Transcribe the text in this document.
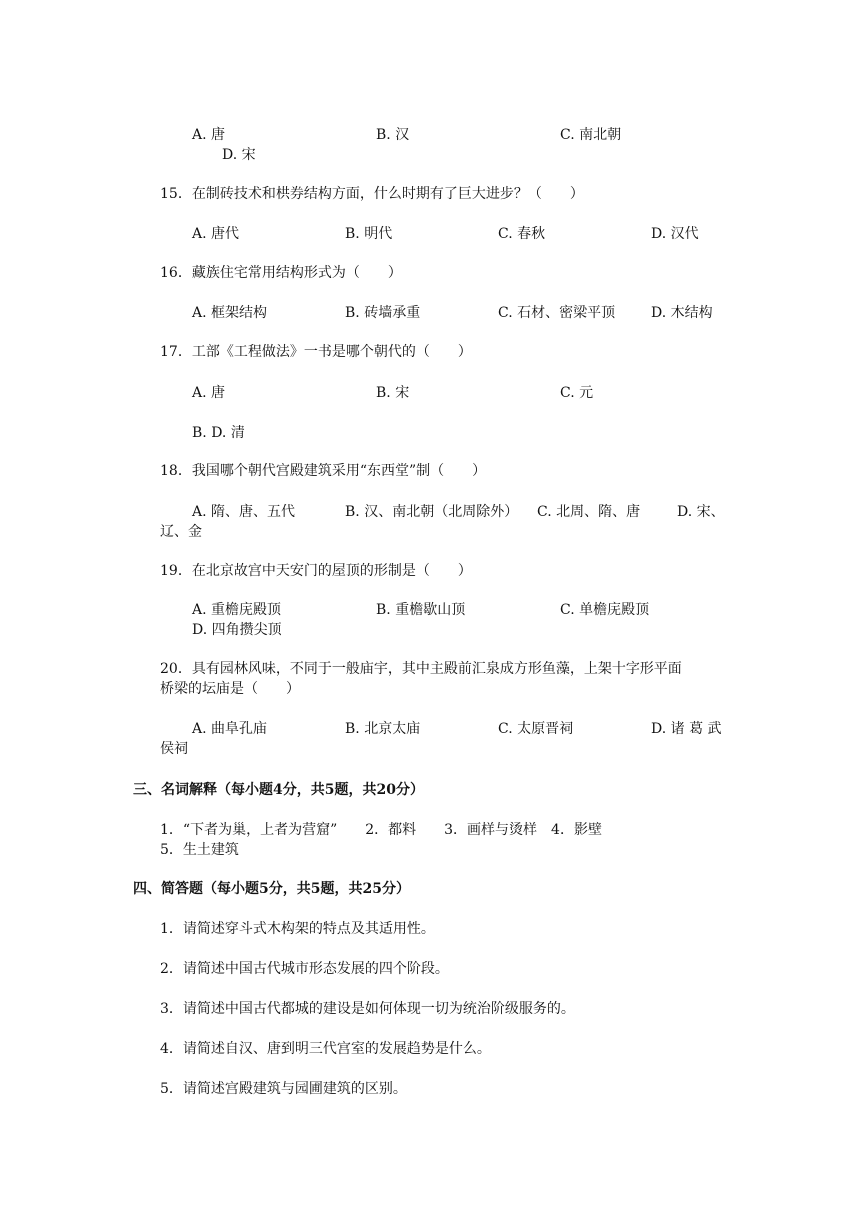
A. 唐	B. 汉	C. 南北朝
D. 宋
15．在制砖技术和栱券结构方面，什么时期有了巨大进步？（　　）
A. 唐代	B. 明代	C. 春秋	D. 汉代
16．藏族住宅常用结构形式为（　　）
A. 框架结构	B. 砖墙承重	C. 石材、密梁平顶	D. 木结构
17．工部《工程做法》一书是哪个朝代的（　　）
A. 唐	B. 宋	C. 元
B. D. 清
18．我国哪个朝代宫殿建筑采用“东西堂”制（　　）
A. 隋、唐、五代	B. 汉、南北朝（北周除外） C. 北周、隋、唐	D. 宋、
辽、金
19．在北京故宫中天安门的屋顶的形制是（　　）
A. 重檐庑殿顶	B. 重檐歇山顶	C. 单檐庑殿顶
D. 四角攒尖顶
20．具有园林风味，不同于一般庙宇，其中主殿前汇泉成方形鱼藻，上架十字形平面
桥梁的坛庙是（　　）
A. 曲阜孔庙	B. 北京太庙	C. 太原晋祠	D. 诸 葛 武
侯祠
三、名词解释（每小题4分，共5题，共20分）
1．“下者为巢，上者为营窟”　　2．都料　　3．画样与烫样　4．影壁
5．生土建筑
四、简答题（每小题5分，共5题，共25分）
1．请简述穿斗式木构架的特点及其适用性。
2．请简述中国古代城市形态发展的四个阶段。
3．请简述中国古代都城的建设是如何体现一切为统治阶级服务的。
4．请简述自汉、唐到明三代宫室的发展趋势是什么。
5．请简述宫殿建筑与园圃建筑的区别。
